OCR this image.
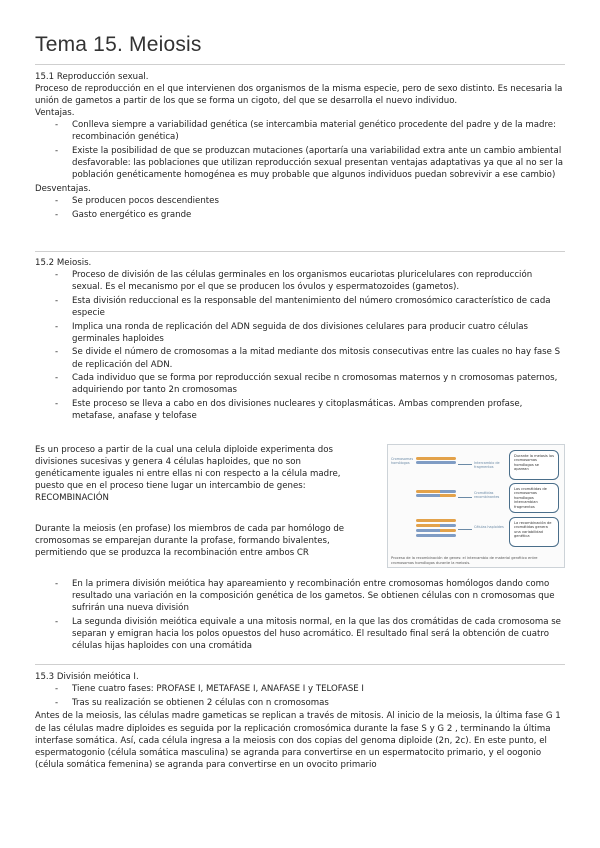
Tema 15. Meiosis

15.1 Reproducción sexual.

Proceso de reproducción en el que intervienen dos organismos de la misma especie, pero de sexo distinto. Es necesaria la unión de gametos a partir de los que se forma un cigoto, del que se desarrolla el nuevo individuo.

Ventajas.

- Conlleva siempre a variabilidad genética (se intercambia material genético procedente del padre y de la madre: recombinación genética)
- Existe la posibilidad de que se produzcan mutaciones (aportaría una variabilidad extra ante un cambio ambiental desfavorable: las poblaciones que utilizan reproducción sexual presentan ventajas adaptativas ya que al no ser la población genéticamente homogénea es muy probable que algunos individuos puedan sobrevivir a ese cambio)

Desventajas.

- Se producen pocos descendientes
- Gasto energético es grande

15.2 Meiosis.

- Proceso de división de las células germinales en los organismos eucariotas pluricelulares con reproducción sexual. Es el mecanismo por el que se producen los óvulos y espermatozoides (gametos).
- Esta división reduccional es la responsable del mantenimiento del número cromosómico característico de cada especie
- Implica una ronda de replicación del ADN seguida de dos divisiones celulares para producir cuatro células germinales haploides
- Se divide el número de cromosomas a la mitad mediante dos mitosis consecutivas entre las cuales no hay fase S de replicación del ADN.
- Cada individuo que se forma por reproducción sexual recibe n cromosomas maternos y n cromosomas paternos, adquiriendo por tanto 2n cromosomas
- Este proceso se lleva a cabo en dos divisiones nucleares y citoplasmáticas. Ambas comprenden profase, metafase, anafase y telofase

Es un proceso a partir de la cual una celula diploide experimenta dos divisiones sucesivas y genera 4 células haploides, que no son genéticamente iguales ni entre ellas ni con respecto a la célula madre, puesto que en el proceso tiene lugar un intercambio de genes: RECOMBINACIÓN

Durante la meiosis (en profase) los miembros de cada par homólogo de cromosomas se emparejan durante la profase, formando bivalentes, permitiendo que se produzca la recombinación entre ambos CR

Cromosomas homólogos	Intercambio de fragmentos
Durante la meiosis los cromosomas homólogos se aparean
Cromátidas recombinantes
Los cromátidas de cromosomas homólogos intercambian fragmentos
Células haploides
La recombinación de cromátidas genera una variabilidad genética
Proceso de la recombinación de genes: el intercambio de material genético entre cromosomas homólogos durante la meiosis.
- En la primera división meiótica hay apareamiento y recombinación entre cromosomas homólogos dando como resultado una variación en la composición genética de los gametos. Se obtienen células con n cromosomas que sufrirán una nueva división
- La segunda división meiótica equivale a una mitosis normal, en la que las dos cromátidas de cada cromosoma se separan y emigran hacia los polos opuestos del huso acromático. El resultado final será la obtención de cuatro células hijas haploides con una cromátida

15.3 División meiótica I.

- Tiene cuatro fases: PROFASE I, METAFASE I, ANAFASE I y TELOFASE I
- Tras su realización se obtienen 2 células con n cromosomas

Antes de la meiosis, las células madre gameticas se replican a través de mitosis. Al inicio de la meiosis, la última fase G 1 de las células madre diploides es seguida por la replicación cromosómica durante la fase S y G 2 , terminando la última interfase somática. Así, cada célula ingresa a la meiosis con dos copias del genoma diploide (2n, 2c). En este punto, el espermatogonio (célula somática masculina) se agranda para convertirse en un espermatocito primario, y el oogonio (célula somática femenina) se agranda para convertirse en un ovocito primario
